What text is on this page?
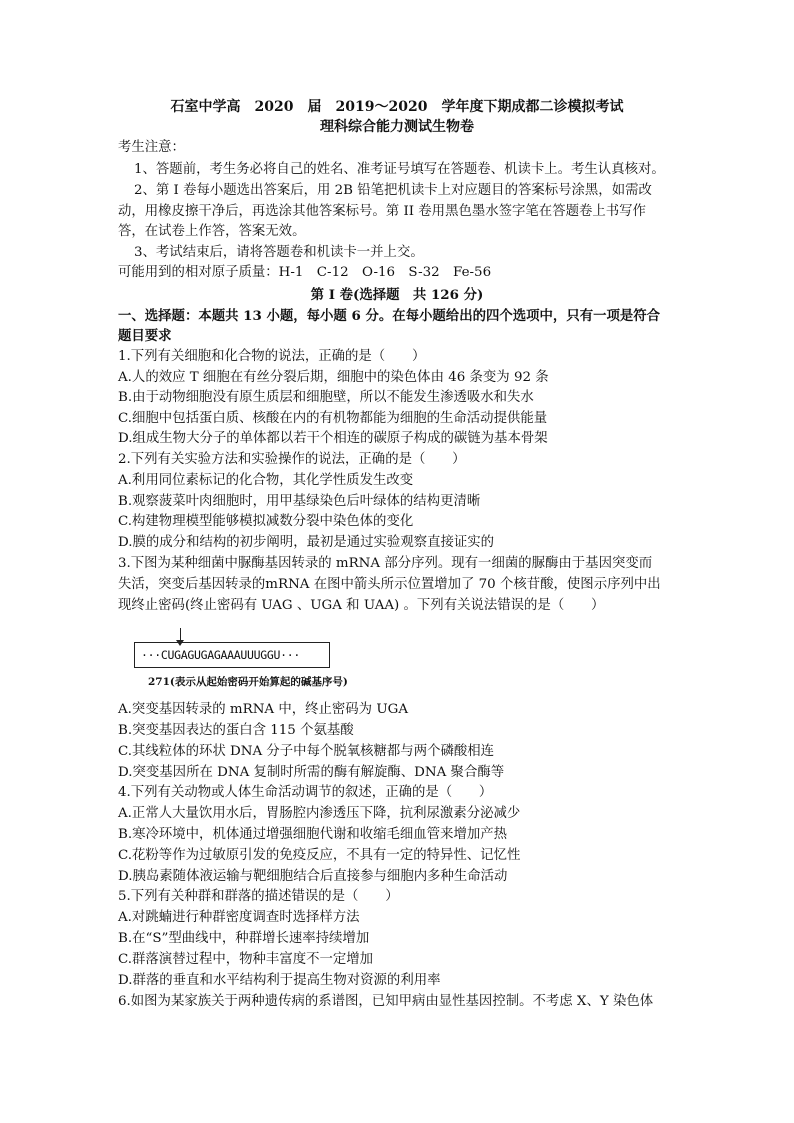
石室中学高　2020　届　2019～2020　学年度下期成都二诊模拟考试
理科综合能力测试生物卷
考生注意：
1、答题前，考生务必将自己的姓名、准考证号填写在答题卷、机读卡上。考生认真核对。
2、第 I 卷每小题选出答案后，用 2B 铅笔把机读卡上对应题目的答案标号涂黑，如需改
动，用橡皮擦干净后，再选涂其他答案标号。第 II 卷用黑色墨水签字笔在答题卷上书写作
答，在试卷上作答，答案无效。
3、考试结束后，请将答题卷和机读卡一并上交。
可能用到的相对原子质量：H-1　C-12　O-16　S-32　Fe-56
第 I 卷(选择题　共 126 分)
一、选择题：本题共 13 小题，每小题 6 分。在每小题给出的四个选项中，只有一项是符合
题目要求
1.下列有关细胞和化合物的说法，正确的是（　　）
A.人的效应 T 细胞在有丝分裂后期，细胞中的染色体由 46 条变为 92 条
B.由于动物细胞没有原生质层和细胞壁，所以不能发生渗透吸水和失水
C.细胞中包括蛋白质、核酸在内的有机物都能为细胞的生命活动提供能量
D.组成生物大分子的单体都以若干个相连的碳原子构成的碳链为基本骨架
2.下列有关实验方法和实验操作的说法，正确的是（　　）
A.利用同位素标记的化合物，其化学性质发生改变
B.观察菠菜叶肉细胞时，用甲基绿染色后叶绿体的结构更清晰
C.构建物理模型能够模拟减数分裂中染色体的变化
D.膜的成分和结构的初步阐明，最初是通过实验观察直接证实的
3.下图为某种细菌中脲酶基因转录的 mRNA 部分序列。现有一细菌的脲酶由于基因突变而
失活，突变后基因转录的mRNA 在图中箭头所示位置增加了 70 个核苷酸，使图示序列中出
现终止密码(终止密码有 UAG 、UGA 和 UAA) 。下列有关说法错误的是（　　）
···CUGAGUGAGAAAUUUGGU···
271(表示从起始密码开始算起的碱基序号)
A.突变基因转录的 mRNA 中，终止密码为 UGA
B.突变基因表达的蛋白含 115 个氨基酸
C.其线粒体的环状 DNA 分子中每个脱氧核糖都与两个磷酸相连
D.突变基因所在 DNA 复制时所需的酶有解旋酶、DNA 聚合酶等
4.下列有关动物或人体生命活动调节的叙述，正确的是（　　）
A.正常人大量饮用水后，胃肠腔内渗透压下降，抗利尿激素分泌减少
B.寒冷环境中，机体通过增强细胞代谢和收缩毛细血管来增加产热
C.花粉等作为过敏原引发的免疫反应，不具有一定的特异性、记忆性
D.胰岛素随体液运输与靶细胞结合后直接参与细胞内多种生命活动
5.下列有关种群和群落的描述错误的是（　　）
A.对跳蝻进行种群密度调查时选择样方法
B.在“S”型曲线中，种群增长速率持续增加
C.群落演替过程中，物种丰富度不一定增加
D.群落的垂直和水平结构利于提高生物对资源的利用率
6.如图为某家族关于两种遗传病的系谱图，已知甲病由显性基因控制。不考虑 X、Y 染色体
